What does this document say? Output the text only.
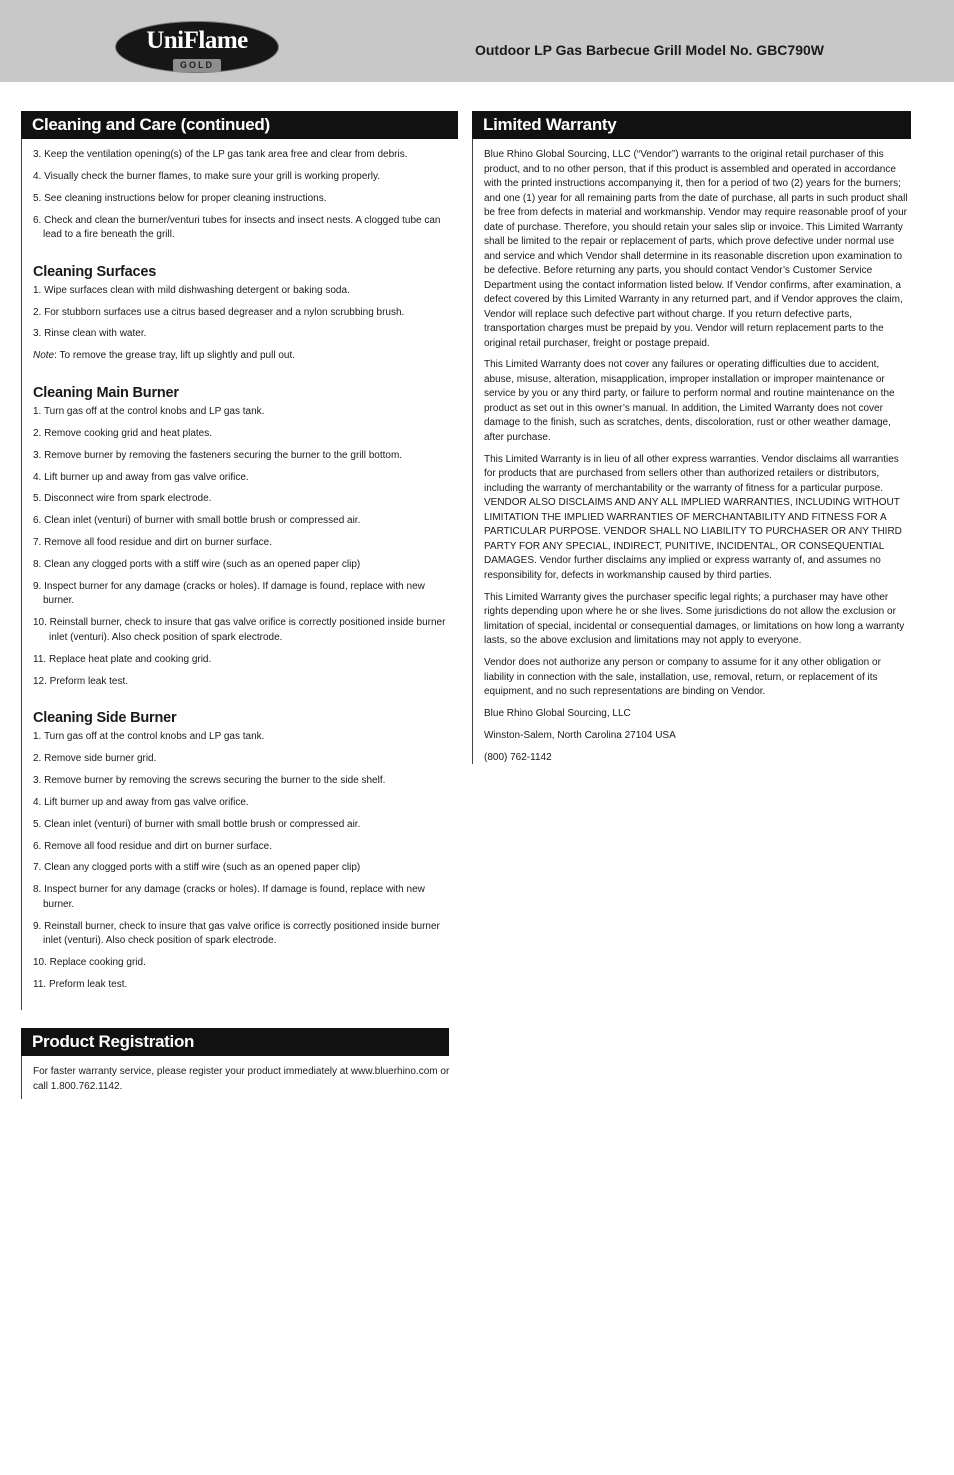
UniFlame
GOLD
Outdoor LP Gas Barbecue Grill Model No. GBC790W
Cleaning and Care (continued)

3. Keep the ventilation opening(s) of the LP gas tank area free and clear from debris.

4. Visually check the burner flames, to make sure your grill is working properly.

5. See cleaning instructions below for proper cleaning instructions.

6. Check and clean the burner/venturi tubes for insects and insect nests. A clogged tube can lead to a fire beneath the grill.

Cleaning Surfaces

1. Wipe surfaces clean with mild dishwashing detergent or baking soda.

2. For stubborn surfaces use a citrus based degreaser and a nylon scrubbing brush.

3. Rinse clean with water.

Note: To remove the grease tray, lift up slightly and pull out.

Cleaning Main Burner

1. Turn gas off at the control knobs and LP gas tank.

2. Remove cooking grid and heat plates.

3. Remove burner by removing the fasteners securing the burner to the grill bottom.

4. Lift burner up and away from gas valve orifice.

5. Disconnect wire from spark electrode.

6. Clean inlet (venturi) of burner with small bottle brush or compressed air.

7. Remove all food residue and dirt on burner surface.

8. Clean any clogged ports with a stiff wire (such as an opened paper clip)

9. Inspect burner for any damage (cracks or holes). If damage is found, replace with new burner.

10. Reinstall burner, check to insure that gas valve orifice is correctly positioned inside burner inlet (venturi). Also check position of spark electrode.

11. Replace heat plate and cooking grid.

12. Preform leak test.

Cleaning Side Burner

1. Turn gas off at the control knobs and LP gas tank.

2. Remove side burner grid.

3. Remove burner by removing the screws securing the burner to the side shelf.

4. Lift burner up and away from gas valve orifice.

5. Clean inlet (venturi) of burner with small bottle brush or compressed air.

6. Remove all food residue and dirt on burner surface.

7. Clean any clogged ports with a stiff wire (such as an opened paper clip)

8. Inspect burner for any damage (cracks or holes). If damage is found, replace with new burner.

9. Reinstall burner, check to insure that gas valve orifice is correctly positioned inside burner inlet (venturi). Also check position of spark electrode.

10. Replace cooking grid.

11. Preform leak test.

Product Registration

For faster warranty service, please register your product immediately at www.bluerhino.com or call 1.800.762.1142.

Limited Warranty

Blue Rhino Global Sourcing, LLC (“Vendor”) warrants to the original retail purchaser of this product, and to no other person, that if this product is assembled and operated in accordance with the printed instructions accompanying it, then for a period of two (2) years for the burners; and one (1) year for all remaining parts from the date of purchase, all parts in such product shall be free from defects in material and workmanship. Vendor may require reasonable proof of your date of purchase. Therefore, you should retain your sales slip or invoice. This Limited Warranty shall be limited to the repair or replacement of parts, which prove defective under normal use and service and which Vendor shall determine in its reasonable discretion upon examination to be defective. Before returning any parts, you should contact Vendor’s Customer Service Department using the contact information listed below. If Vendor confirms, after examination, a defect covered by this Limited Warranty in any returned part, and if Vendor approves the claim, Vendor will replace such defective part without charge. If you return defective parts, transportation charges must be prepaid by you. Vendor will return replacement parts to the original retail purchaser, freight or postage prepaid.

This Limited Warranty does not cover any failures or operating difficulties due to accident, abuse, misuse, alteration, misapplication, improper installation or improper maintenance or service by you or any third party, or failure to perform normal and routine maintenance on the product as set out in this owner’s manual. In addition, the Limited Warranty does not cover damage to the finish, such as scratches, dents, discoloration, rust or other weather damage, after purchase.

This Limited Warranty is in lieu of all other express warranties. Vendor disclaims all warranties for products that are purchased from sellers other than authorized retailers or distributors, including the warranty of merchantability or the warranty of fitness for a particular purpose. VENDOR ALSO DISCLAIMS AND ANY ALL IMPLIED WARRANTIES, INCLUDING WITHOUT LIMITATION THE IMPLIED WARRANTIES OF MERCHANTABILITY AND FITNESS FOR A PARTICULAR PURPOSE. VENDOR SHALL NO LIABILITY TO PURCHASER OR ANY THIRD PARTY FOR ANY SPECIAL, INDIRECT, PUNITIVE, INCIDENTAL, OR CONSEQUENTIAL DAMAGES. Vendor further disclaims any implied or express warranty of, and assumes no responsibility for, defects in workmanship caused by third parties.

This Limited Warranty gives the purchaser specific legal rights; a purchaser may have other rights depending upon where he or she lives. Some jurisdictions do not allow the exclusion or limitation of special, incidental or consequential damages, or limitations on how long a warranty lasts, so the above exclusion and limitations may not apply to everyone.

Vendor does not authorize any person or company to assume for it any other obligation or liability in connection with the sale, installation, use, removal, return, or replacement of its equipment, and no such representations are binding on Vendor.

Blue Rhino Global Sourcing, LLC

Winston-Salem, North Carolina 27104 USA

(800) 762-1142
